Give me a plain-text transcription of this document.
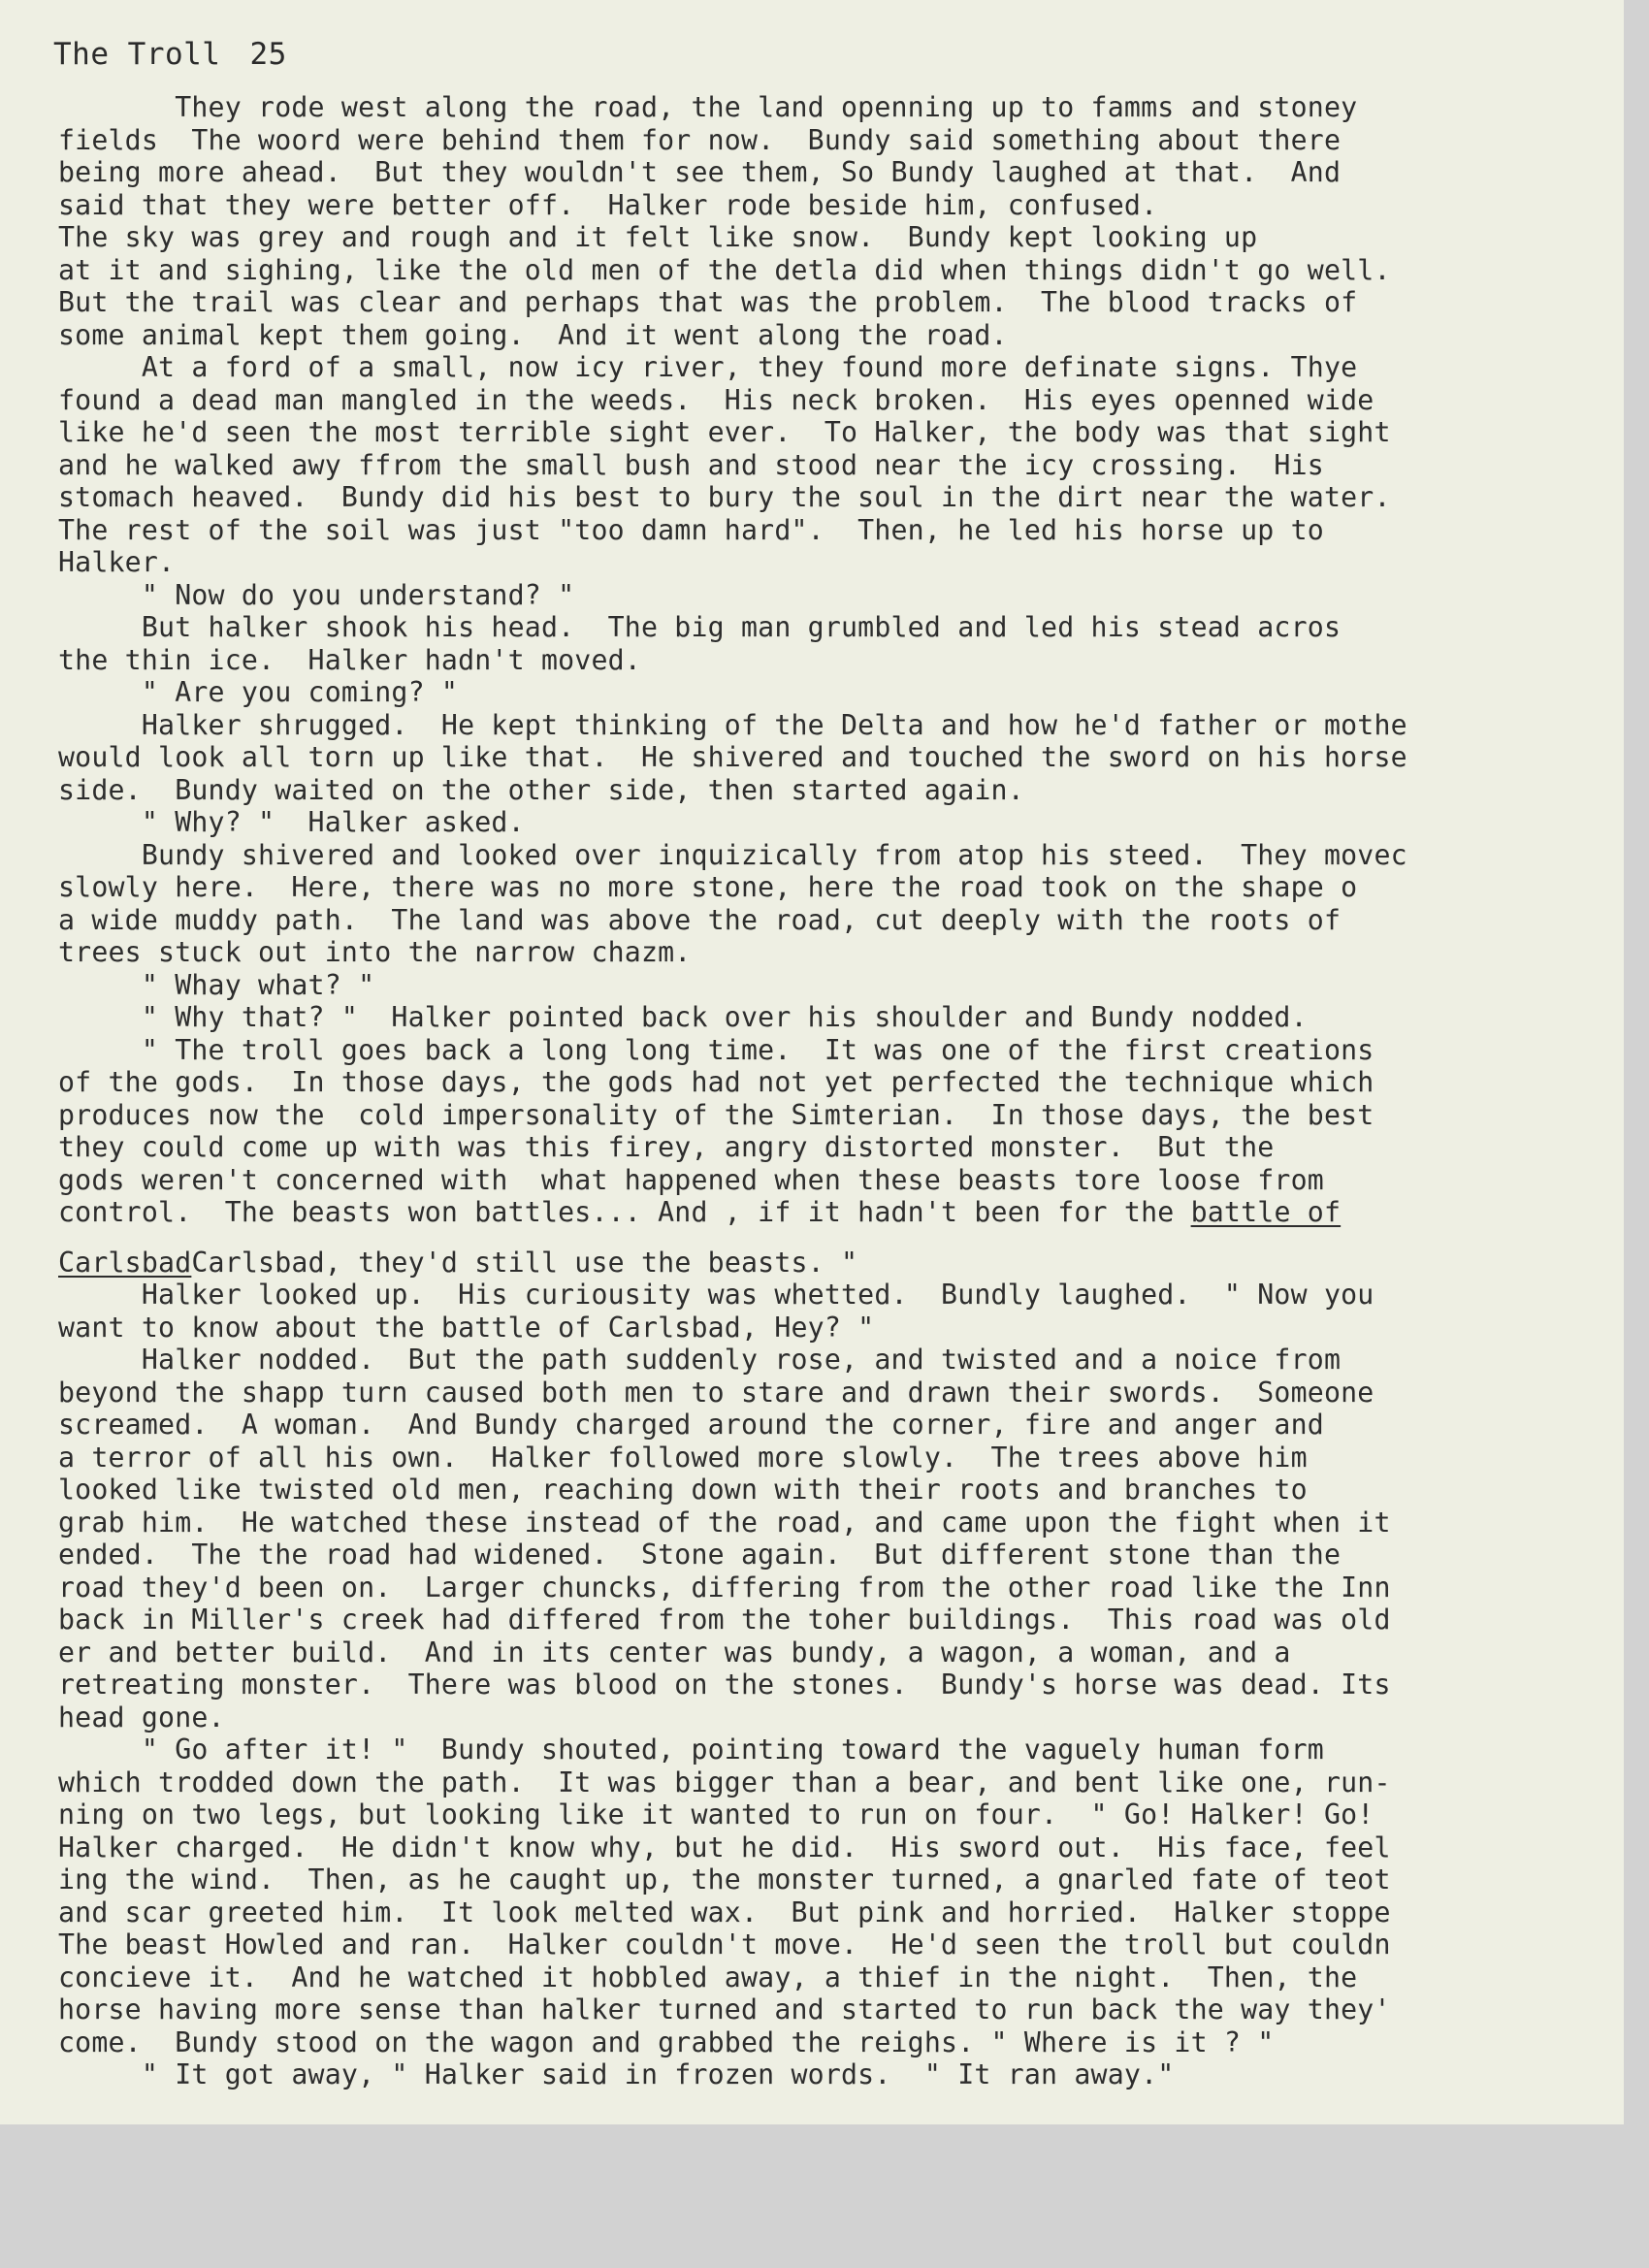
The Troll 25
They rode west along the road, the land openning up to famms and stoney
fields  The woord were behind them for now.  Bundy said something about there
being more ahead.  But they wouldn't see them, So Bundy laughed at that.  And
said that they were better off.  Halker rode beside him, confused.
The sky was grey and rough and it felt like snow.  Bundy kept looking up
at it and sighing, like the old men of the detla did when things didn't go well.
But the trail was clear and perhaps that was the problem.  The blood tracks of
some animal kept them going.  And it went along the road.
At a ford of a small, now icy river, they found more definate signs. Thye
found a dead man mangled in the weeds.  His neck broken.  His eyes openned wide
like he'd seen the most terrible sight ever.  To Halker, the body was that sight
and he walked awy ffrom the small bush and stood near the icy crossing.  His
stomach heaved.  Bundy did his best to bury the soul in the dirt near the water.
The rest of the soil was just "too damn hard".  Then, he led his horse up to
Halker.
" Now do you understand? "
But halker shook his head.  The big man grumbled and led his stead acros
the thin ice.  Halker hadn't moved.
" Are you coming? "
Halker shrugged.  He kept thinking of the Delta and how he'd father or mothe
would look all torn up like that.  He shivered and touched the sword on his horse
side.  Bundy waited on the other side, then started again.
" Why? "  Halker asked.
Bundy shivered and looked over inquizically from atop his steed.  They movec
slowly here.  Here, there was no more stone, here the road took on the shape o
a wide muddy path.  The land was above the road, cut deeply with the roots of
trees stuck out into the narrow chazm.
" Whay what? "
" Why that? "  Halker pointed back over his shoulder and Bundy nodded.
" The troll goes back a long long time.  It was one of the first creations
of the gods.  In those days, the gods had not yet perfected the technique which
produces now the  cold impersonality of the Simterian.  In those days, the best
they could come up with was this firey, angry distorted monster.  But the
gods weren't concerned with  what happened when these beasts tore loose from
control.  The beasts won battles... And , if it hadn't been for the battle of
CarlsbadCarlsbad, they'd still use the beasts. "
Halker looked up.  His curiousity was whetted.  Bundly laughed.  " Now you
want to know about the battle of Carlsbad, Hey? "
Halker nodded.  But the path suddenly rose, and twisted and a noice from
beyond the shapp turn caused both men to stare and drawn their swords.  Someone
screamed.  A woman.  And Bundy charged around the corner, fire and anger and
a terror of all his own.  Halker followed more slowly.  The trees above him
looked like twisted old men, reaching down with their roots and branches to
grab him.  He watched these instead of the road, and came upon the fight when it
ended.  The the road had widened.  Stone again.  But different stone than the
road they'd been on.  Larger chuncks, differing from the other road like the Inn
back in Miller's creek had differed from the toher buildings.  This road was old
er and better build.  And in its center was bundy, a wagon, a woman, and a
retreating monster.  There was blood on the stones.  Bundy's horse was dead. Its
head gone.
" Go after it! "  Bundy shouted, pointing toward the vaguely human form
which trodded down the path.  It was bigger than a bear, and bent like one, run-
ning on two legs, but looking like it wanted to run on four.  " Go! Halker! Go!
Halker charged.  He didn't know why, but he did.  His sword out.  His face, feel
ing the wind.  Then, as he caught up, the monster turned, a gnarled fate of teot
and scar greeted him.  It look melted wax.  But pink and horried.  Halker stoppe
The beast Howled and ran.  Halker couldn't move.  He'd seen the troll but couldn
concieve it.  And he watched it hobbled away, a thief in the night.  Then, the
horse having more sense than halker turned and started to run back the way they'
come.  Bundy stood on the wagon and grabbed the reighs. " Where is it ? "
" It got away, " Halker said in frozen words.  " It ran away."
